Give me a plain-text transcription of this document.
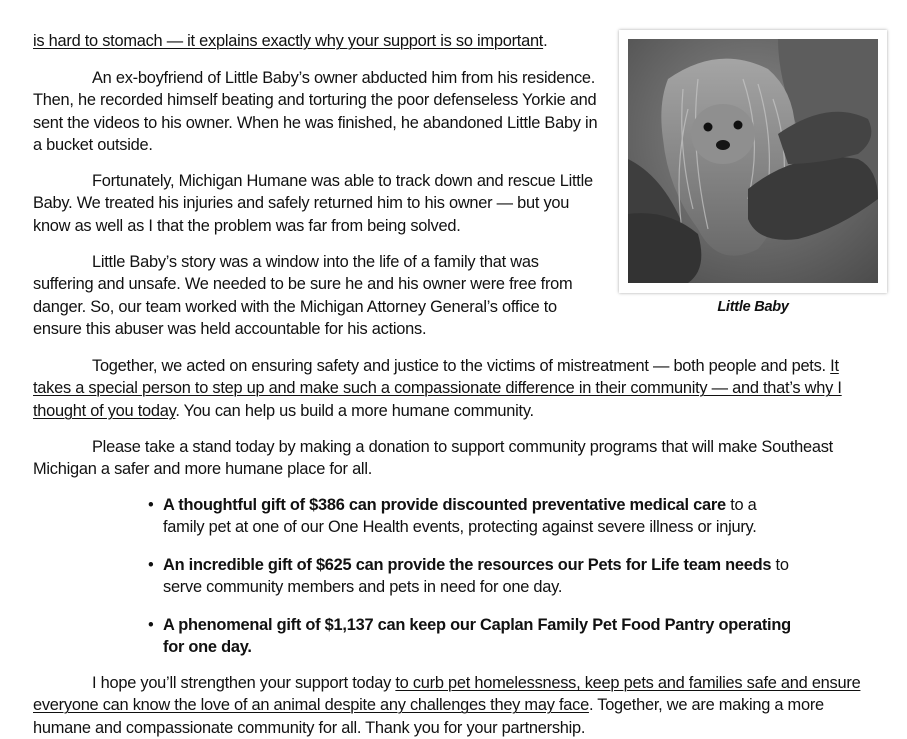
is hard to stomach — it explains exactly why your support is so important.

An ex-boyfriend of Little Baby’s owner abducted him from his residence. Then, he recorded himself beating and torturing the poor defenseless Yorkie and sent the videos to his owner. When he was finished, he abandoned Little Baby in a bucket outside.

Fortunately, Michigan Humane was able to track down and rescue Little Baby. We treated his injuries and safely returned him to his owner — but you know as well as I that the problem was far from being solved.

Little Baby’s story was a window into the life of a family that was suffering and unsafe. We needed to be sure he and his owner were free from danger. So, our team worked with the Michigan Attorney General’s office to ensure this abuser was held accountable for his actions.

Together, we acted on ensuring safety and justice to the victims of mistreatment — both people and pets. It takes a special person to step up and make such a compassionate difference in their community — and that’s why I thought of you today. You can help us build a more humane community.

Please take a stand today by making a donation to support community programs that will make Southeast Michigan a safer and more humane place for all.

• A thoughtful gift of $386 can provide discounted preventative medical care to a family pet at one of our One Health events, protecting against severe illness or injury.
• An incredible gift of $625 can provide the resources our Pets for Life team needs to serve community members and pets in need for one day.
• A phenomenal gift of $1,137 can keep our Caplan Family Pet Food Pantry operating for one day.

I hope you’ll strengthen your support today to curb pet homelessness, keep pets and families safe and ensure everyone can know the love of an animal despite any challenges they may face. Together, we are making a more humane and compassionate community for all. Thank you for your partnership.

Little Baby
